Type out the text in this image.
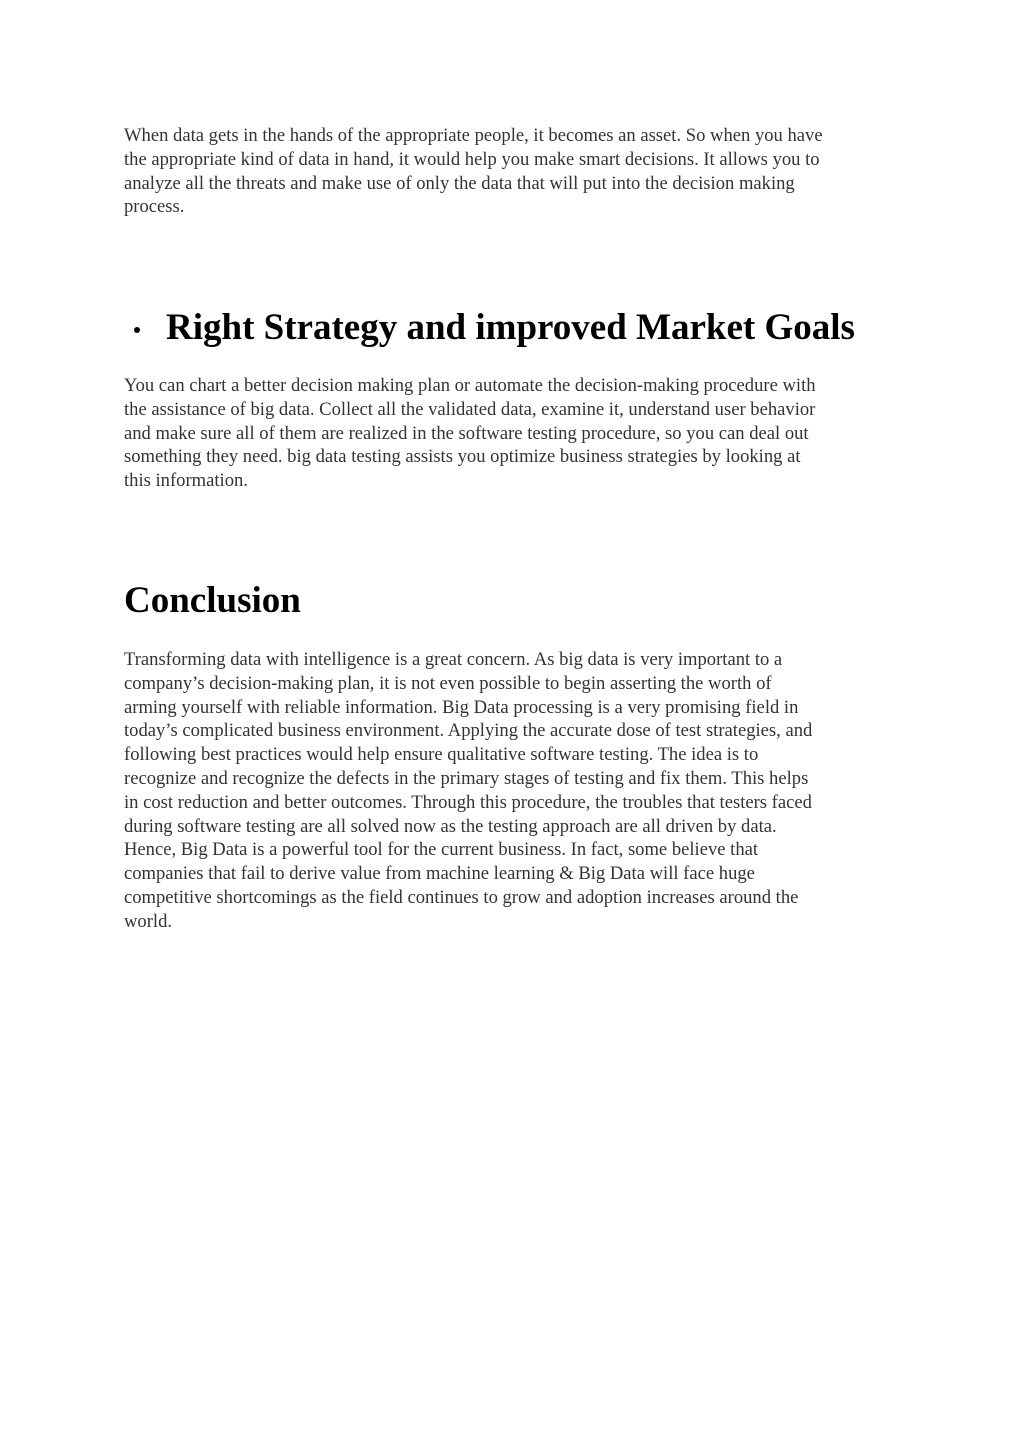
When data gets in the hands of the appropriate people, it becomes an asset. So when you have
the appropriate kind of data in hand, it would help you make smart decisions. It allows you to
analyze all the threats and make use of only the data that will put into the decision making
process.

Right Strategy and improved Market Goals

You can chart a better decision making plan or automate the decision-making procedure with
the assistance of big data. Collect all the validated data, examine it, understand user behavior
and make sure all of them are realized in the software testing procedure, so you can deal out
something they need. big data testing assists you optimize business strategies by looking at
this information.

Conclusion

Transforming data with intelligence is a great concern. As big data is very important to a
company’s decision-making plan, it is not even possible to begin asserting the worth of
arming yourself with reliable information. Big Data processing is a very promising field in
today’s complicated business environment. Applying the accurate dose of test strategies, and
following best practices would help ensure qualitative software testing. The idea is to
recognize and recognize the defects in the primary stages of testing and fix them. This helps
in cost reduction and better outcomes. Through this procedure, the troubles that testers faced
during software testing are all solved now as the testing approach are all driven by data.
Hence, Big Data is a powerful tool for the current business. In fact, some believe that
companies that fail to derive value from machine learning & Big Data will face huge
competitive shortcomings as the field continues to grow and adoption increases around the
world.
